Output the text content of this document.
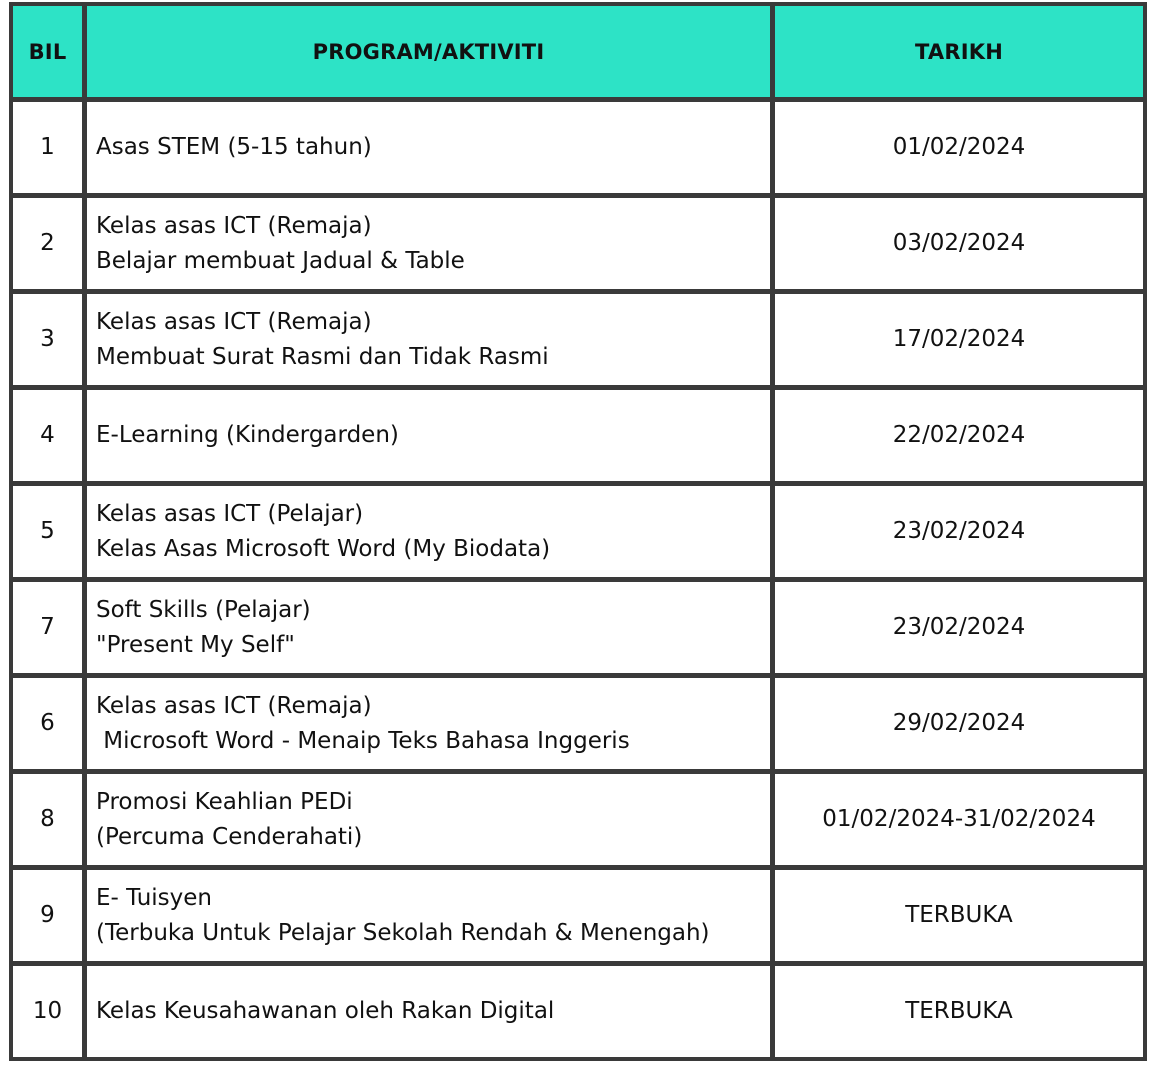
BIL	PROGRAM/AKTIVITI	TARIKH
1	Asas STEM (5-15 tahun)	01/02/2024
2	Kelas asas ICT (Remaja)
Belajar membuat Jadual & Table	03/02/2024
3	Kelas asas ICT (Remaja)
Membuat Surat Rasmi dan Tidak Rasmi	17/02/2024
4	E-Learning (Kindergarden)	22/02/2024
5	Kelas asas ICT (Pelajar)
Kelas Asas Microsoft Word (My Biodata)	23/02/2024
7	Soft Skills (Pelajar)
"Present My Self"	23/02/2024
6	Kelas asas ICT (Remaja)
Microsoft Word - Menaip Teks Bahasa Inggeris	29/02/2024
8	Promosi Keahlian PEDi
(Percuma Cenderahati)	01/02/2024-31/02/2024
9	E- Tuisyen
(Terbuka Untuk Pelajar Sekolah Rendah & Menengah)	TERBUKA
10	Kelas Keusahawanan oleh Rakan Digital	TERBUKA
